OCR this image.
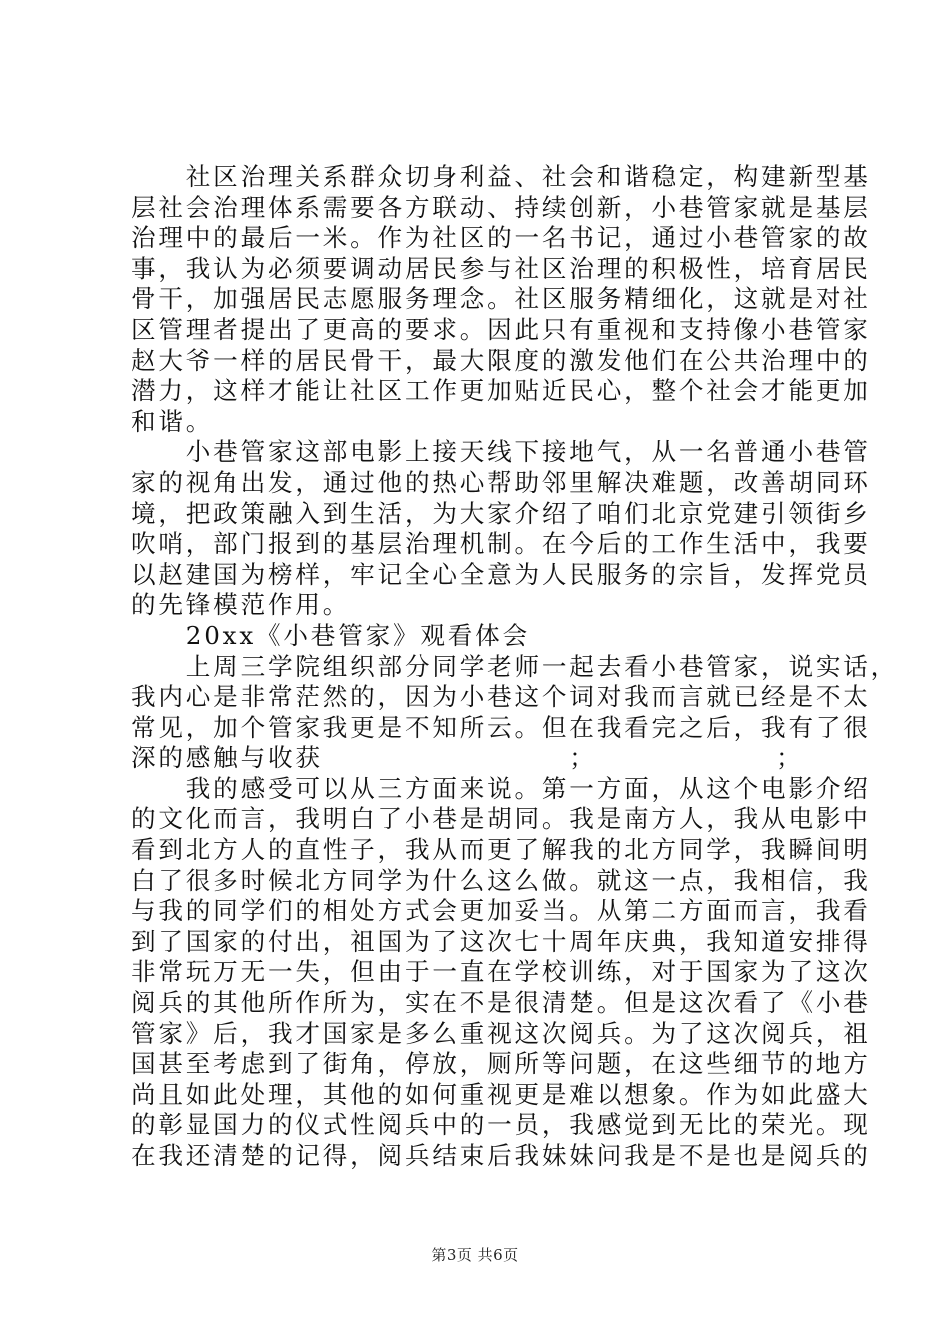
　　社区治理关系群众切身利益、社会和谐稳定，构建新型基
层社会治理体系需要各方联动、持续创新，小巷管家就是基层
治理中的最后一米。作为社区的一名书记，通过小巷管家的故
事，我认为必须要调动居民参与社区治理的积极性，培育居民
骨干，加强居民志愿服务理念。社区服务精细化，这就是对社
区管理者提出了更高的要求。因此只有重视和支持像小巷管家
赵大爷一样的居民骨干，最大限度的激发他们在公共治理中的
潜力，这样才能让社区工作更加贴近民心，整个社会才能更加
和谐。
　　小巷管家这部电影上接天线下接地气，从一名普通小巷管
家的视角出发，通过他的热心帮助邻里解决难题，改善胡同环
境，把政策融入到生活，为大家介绍了咱们北京党建引领街乡
吹哨，部门报到的基层治理机制。在今后的工作生活中，我要
以赵建国为榜样，牢记全心全意为人民服务的宗旨，发挥党员
的先锋模范作用。
　　20xx《小巷管家》观看体会
　　上周三学院组织部分同学老师一起去看小巷管家，说实话，
我内心是非常茫然的，因为小巷这个词对我而言就已经是不太
常见，加个管家我更是不知所云。但在我看完之后，我有了很
深的感触与收获　　　　　　　　　；　　　　　　　；
　　我的感受可以从三方面来说。第一方面，从这个电影介绍
的文化而言，我明白了小巷是胡同。我是南方人，我从电影中
看到北方人的直性子，我从而更了解我的北方同学，我瞬间明
白了很多时候北方同学为什么这么做。就这一点，我相信，我
与我的同学们的相处方式会更加妥当。从第二方面而言，我看
到了国家的付出，祖国为了这次七十周年庆典，我知道安排得
非常玩万无一失，但由于一直在学校训练，对于国家为了这次
阅兵的其他所作所为，实在不是很清楚。但是这次看了《小巷
管家》后，我才国家是多么重视这次阅兵。为了这次阅兵，祖
国甚至考虑到了街角，停放，厕所等问题，在这些细节的地方
尚且如此处理，其他的如何重视更是难以想象。作为如此盛大
的彰显国力的仪式性阅兵中的一员，我感觉到无比的荣光。现
在我还清楚的记得，阅兵结束后我妹妹问我是不是也是阅兵的
第3页 共6页
